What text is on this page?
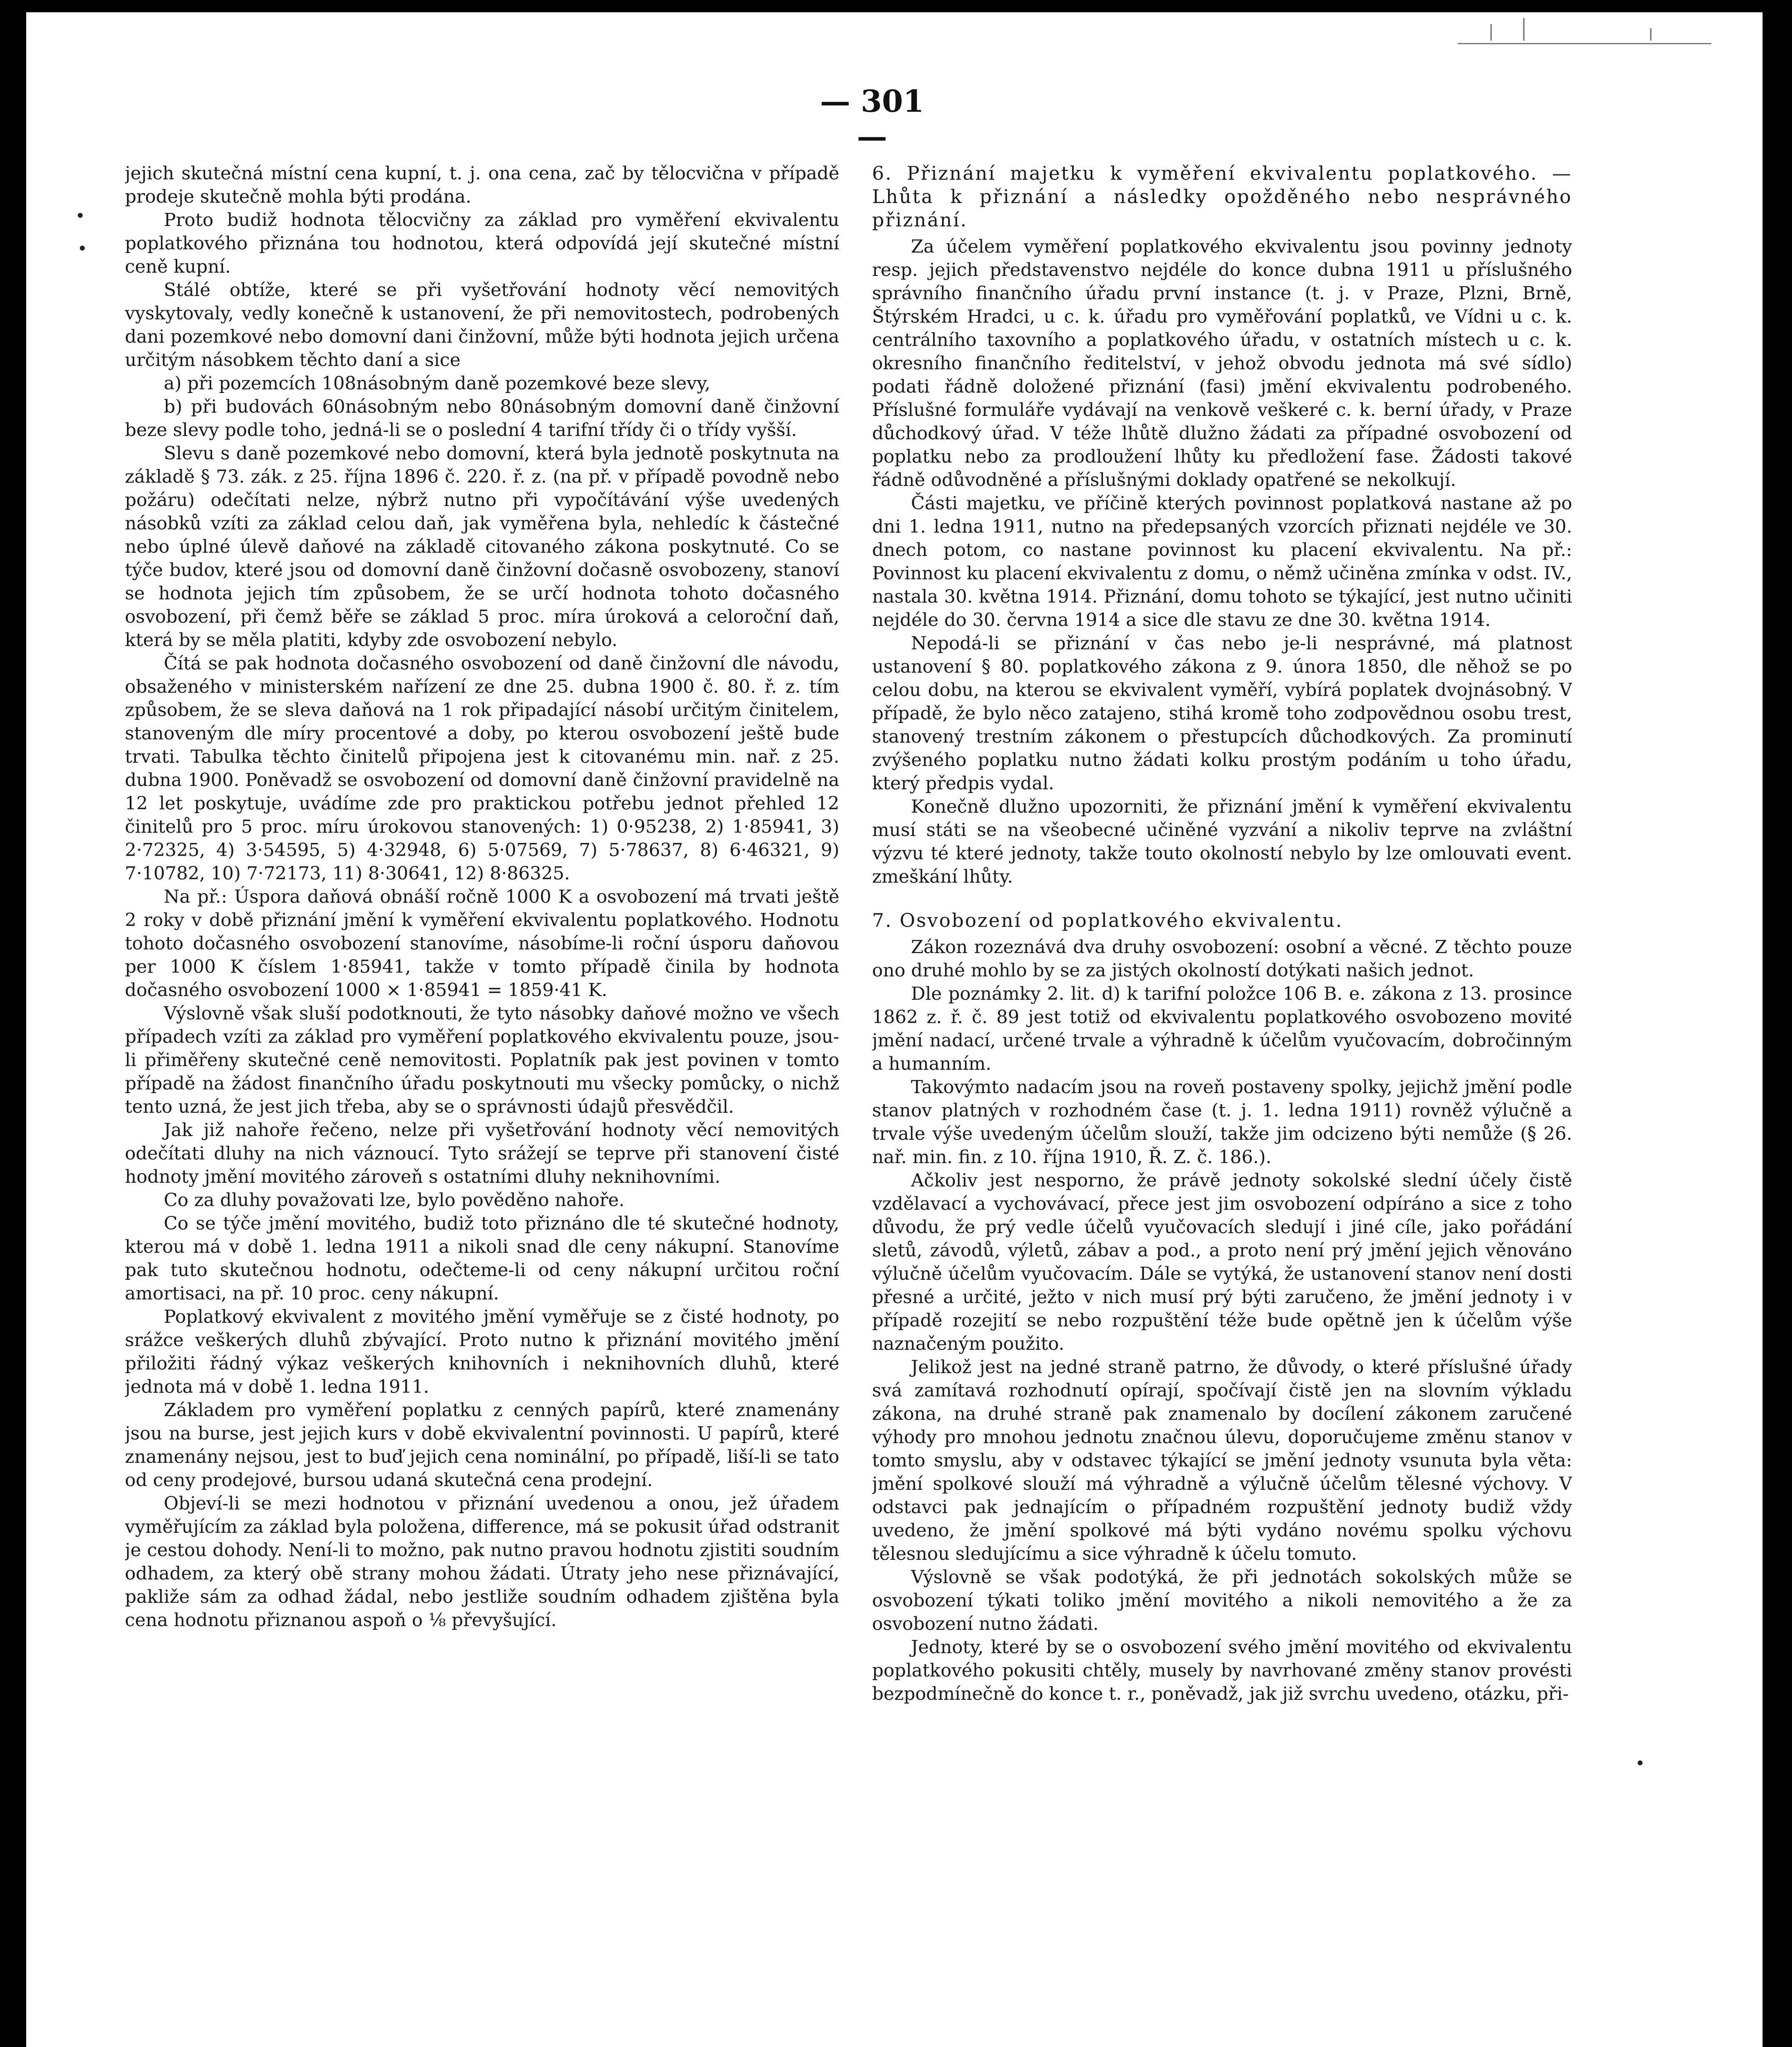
— 301 —

jejich skutečná místní cena kupní, t. j. ona cena, zač by tělocvična v případě prodeje skutečně mohla býti prodána.

Proto budiž hodnota tělocvičny za základ pro vyměření ekvivalentu poplatkového přiznána tou hodnotou, která odpovídá její skutečné místní ceně kupní.

Stálé obtíže, které se při vyšetřování hodnoty věcí nemovitých vyskytovaly, vedly konečně k ustanovení, že při nemovitostech, podrobených dani pozemkové nebo domovní dani činžovní, může býti hodnota jejich určena určitým násobkem těchto daní a sice

a) při pozemcích 108násobným daně pozemkové beze slevy,

b) při budovách 60násobným nebo 80násobným domovní daně činžovní beze slevy podle toho, jedná-li se o poslední 4 tarifní třídy či o třídy vyšší.

Slevu s daně pozemkové nebo domovní, která byla jednotě poskytnuta na základě § 73. zák. z 25. října 1896 č. 220. ř. z. (na př. v případě povodně nebo požáru) odečítati nelze, nýbrž nutno při vypočítávání výše uvedených násobků vzíti za základ celou daň, jak vyměřena byla, nehledíc k částečné nebo úplné úlevě daňové na základě citovaného zákona poskytnuté. Co se týče budov, které jsou od domovní daně činžovní dočasně osvobozeny, stanoví se hodnota jejich tím způsobem, že se určí hodnota tohoto dočasného osvobození, při čemž běře se základ 5 proc. míra úroková a celoroční daň, která by se měla platiti, kdyby zde osvobození nebylo.

Čítá se pak hodnota dočasného osvobození od daně činžovní dle návodu, obsaženého v ministerském nařízení ze dne 25. dubna 1900 č. 80. ř. z. tím způsobem, že se sleva daňová na 1 rok připadající násobí určitým činitelem, stanoveným dle míry procentové a doby, po kterou osvobození ještě bude trvati. Tabulka těchto činitelů připojena jest k citovanému min. nař. z 25. dubna 1900. Poněvadž se osvobození od domovní daně činžovní pravidelně na 12 let poskytuje, uvádíme zde pro praktickou potřebu jednot přehled 12 činitelů pro 5 proc. míru úrokovou stanovených: 1) 0·95238, 2) 1·85941, 3) 2·72325, 4) 3·54595, 5) 4·32948, 6) 5·07569, 7) 5·78637, 8) 6·46321, 9) 7·10782, 10) 7·72173, 11) 8·30641, 12) 8·86325.

Na př.: Úspora daňová obnáší ročně 1000 K a osvobození má trvati ještě 2 roky v době přiznání jmění k vyměření ekvivalentu poplatkového. Hodnotu tohoto dočasného osvobození stanovíme, násobíme-li roční úsporu daňovou per 1000 K číslem 1·85941, takže v tomto případě činila by hodnota dočasného osvobození 1000 × 1·85941 = 1859·41 K.

Výslovně však sluší podotknouti, že tyto násobky daňové možno ve všech případech vzíti za základ pro vyměření poplatkového ekvivalentu pouze, jsou-li přiměřeny skutečné ceně nemovitosti. Poplatník pak jest povinen v tomto případě na žádost finančního úřadu poskytnouti mu všecky pomůcky, o nichž tento uzná, že jest jich třeba, aby se o správnosti údajů přesvědčil.

Jak již nahoře řečeno, nelze při vyšetřování hodnoty věcí nemovitých odečítati dluhy na nich váznoucí. Tyto srážejí se teprve při stanovení čisté hodnoty jmění movitého zároveň s ostatními dluhy neknihovními.

Co za dluhy považovati lze, bylo pověděno nahoře.

Co se týče jmění movitého, budiž toto přiznáno dle té skutečné hodnoty, kterou má v době 1. ledna 1911 a nikoli snad dle ceny nákupní. Stanovíme pak tuto skutečnou hodnotu, odečteme-li od ceny nákupní určitou roční amortisaci, na př. 10 proc. ceny nákupní.

Poplatkový ekvivalent z movitého jmění vyměřuje se z čisté hodnoty, po srážce veškerých dluhů zbývající. Proto nutno k přiznání movitého jmění přiložiti řádný výkaz veškerých knihovních i neknihovních dluhů, které jednota má v době 1. ledna 1911.

Základem pro vyměření poplatku z cenných papírů, které znamenány jsou na burse, jest jejich kurs v době ekvivalentní povinnosti. U papírů, které znamenány nejsou, jest to buď jejich cena nominální, po případě, liší-li se tato od ceny prodejové, bursou udaná skutečná cena prodejní.

Objeví-li se mezi hodnotou v přiznání uvedenou a onou, jež úřadem vyměřujícím za základ byla položena, difference, má se pokusit úřad odstranit je cestou dohody. Není-li to možno, pak nutno pravou hodnotu zjistiti soudním odhadem, za který obě strany mohou žádati. Útraty jeho nese přiznávající, pakliže sám za odhad žádal, nebo jestliže soudním odhadem zjištěna byla cena hodnotu přiznanou aspoň o ⅛ převyšující.

6. Přiznání majetku k vyměření ekvivalentu poplatkového. — Lhůta k přiznání a následky opožděného nebo nesprávného přiznání.

Za účelem vyměření poplatkového ekvivalentu jsou povinny jednoty resp. jejich představenstvo nejdéle do konce dubna 1911 u příslušného správního finančního úřadu první instance (t. j. v Praze, Plzni, Brně, Štýrském Hradci, u c. k. úřadu pro vyměřování poplatků, ve Vídni u c. k. centrálního taxovního a poplatkového úřadu, v ostatních místech u c. k. okresního finančního ředitelství, v jehož obvodu jednota má své sídlo) podati řádně doložené přiznání (fasi) jmění ekvivalentu podrobeného. Příslušné formuláře vydávají na venkově veškeré c. k. berní úřady, v Praze důchodkový úřad. V téže lhůtě dlužno žádati za případné osvobození od poplatku nebo za prodloužení lhůty ku předložení fase. Žádosti takové řádně odůvodněné a příslušnými doklady opatřené se nekolkují.

Části majetku, ve příčině kterých povinnost poplatková nastane až po dni 1. ledna 1911, nutno na předepsaných vzorcích přiznati nejdéle ve 30. dnech potom, co nastane povinnost ku placení ekvivalentu. Na př.: Povinnost ku placení ekvivalentu z domu, o němž učiněna zmínka v odst. IV., nastala 30. května 1914. Přiznání, domu tohoto se týkající, jest nutno učiniti nejdéle do 30. června 1914 a sice dle stavu ze dne 30. května 1914.

Nepodá-li se přiznání v čas nebo je-li nesprávné, má platnost ustanovení § 80. poplatkového zákona z 9. února 1850, dle něhož se po celou dobu, na kterou se ekvivalent vyměří, vybírá poplatek dvojnásobný. V případě, že bylo něco zatajeno, stihá kromě toho zodpovědnou osobu trest, stanovený trestním zákonem o přestupcích důchodkových. Za prominutí zvýšeného poplatku nutno žádati kolku prostým podáním u toho úřadu, který předpis vydal.

Konečně dlužno upozorniti, že přiznání jmění k vyměření ekvivalentu musí státi se na všeobecné učiněné vyzvání a nikoliv teprve na zvláštní výzvu té které jednoty, takže touto okolností nebylo by lze omlouvati event. zmeškání lhůty.

7. Osvobození od poplatkového ekvivalentu.

Zákon rozeznává dva druhy osvobození: osobní a věcné. Z těchto pouze ono druhé mohlo by se za jistých okolností dotýkati našich jednot.

Dle poznámky 2. lit. d) k tarifní položce 106 B. e. zákona z 13. prosince 1862 z. ř. č. 89 jest totiž od ekvivalentu poplatkového osvobozeno movité jmění nadací, určené trvale a výhradně k účelům vyučovacím, dobročinným a humanním.

Takovýmto nadacím jsou na roveň postaveny spolky, jejichž jmění podle stanov platných v rozhodném čase (t. j. 1. ledna 1911) rovněž výlučně a trvale výše uvedeným účelům slouží, takže jim odcizeno býti nemůže (§ 26. nař. min. fin. z 10. října 1910, Ř. Z. č. 186.).

Ačkoliv jest nesporno, že právě jednoty sokolské slední účely čistě vzdělavací a vychovávací, přece jest jim osvobození odpíráno a sice z toho důvodu, že prý vedle účelů vyučovacích sledují i jiné cíle, jako pořádání sletů, závodů, výletů, zábav a pod., a proto není prý jmění jejich věnováno výlučně účelům vyučovacím. Dále se vytýká, že ustanovení stanov není dosti přesné a určité, ježto v nich musí prý býti zaručeno, že jmění jednoty i v případě rozejití se nebo rozpuštění téže bude opětně jen k účelům výše naznačeným použito.

Jelikož jest na jedné straně patrno, že důvody, o které příslušné úřady svá zamítavá rozhodnutí opírají, spočívají čistě jen na slovním výkladu zákona, na druhé straně pak znamenalo by docílení zákonem zaručené výhody pro mnohou jednotu značnou úlevu, doporučujeme změnu stanov v tomto smyslu, aby v odstavec týkající se jmění jednoty vsunuta byla věta: jmění spolkové slouží má výhradně a výlučně účelům tělesné výchovy. V odstavci pak jednajícím o případném rozpuštění jednoty budiž vždy uvedeno, že jmění spolkové má býti vydáno novému spolku výchovu tělesnou sledujícímu a sice výhradně k účelu tomuto.

Výslovně se však podotýká, že při jednotách sokolských může se osvobození týkati toliko jmění movitého a nikoli nemovitého a že za osvobození nutno žádati.

Jednoty, které by se o osvobození svého jmění movitého od ekvivalentu poplatkového pokusiti chtěly, musely by navrhované změny stanov provésti bezpodmínečně do konce t. r., poněvadž, jak již svrchu uvedeno, otázku, při-
